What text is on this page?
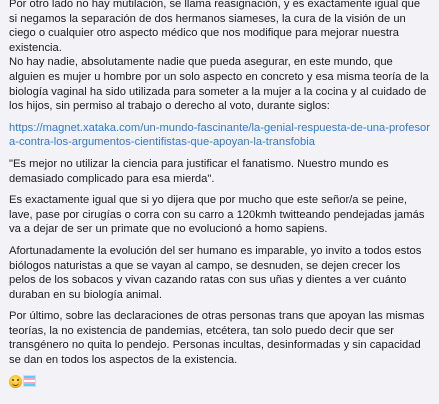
Por otro lado no hay mutilación, se llama reasignación, y es exactamente igual que si negamos la separación de dos hermanos siameses, la cura de la visión de un ciego o cualquier otro aspecto médico que nos modifique para mejorar nuestra existencia.
No hay nadie, absolutamente nadie que pueda asegurar, en este mundo, que alguien es mujer u hombre por un solo aspecto en concreto y esa misma teoría de la biología vaginal ha sido utilizada para someter a la mujer a la cocina y al cuidado de los hijos, sin permiso al trabajo o derecho al voto, durante siglos:

https://magnet.xataka.com/un-mundo-fascinante/la-genial-respuesta-de-una-profesora-contra-los-argumentos-cientifistas-que-apoyan-la-transfobia

"Es mejor no utilizar la ciencia para justificar el fanatismo. Nuestro mundo es demasiado complicado para esa mierda".

Es exactamente igual que si yo dijera que por mucho que este señor/a se peine, lave, pase por cirugías o corra con su carro a 120kmh twitteando pendejadas jamás va a dejar de ser un primate que no evolucionó a homo sapiens.

Afortunadamente la evolución del ser humano es imparable, yo invito a todos estos biólogos naturistas a que se vayan al campo, se desnuden, se dejen crecer los pelos de los sobacos y vivan cazando ratas con sus uñas y dientes a ver cuánto duraban en su biología animal.

Por último, sobre las declaraciones de otras personas trans que apoyan las mismas teorías, la no existencia de pandemias, etcétera, tan solo puedo decir que ser transgénero no quita lo pendejo. Personas incultas, desinformadas y sin capacidad se dan en todos los aspectos de la existencia.
